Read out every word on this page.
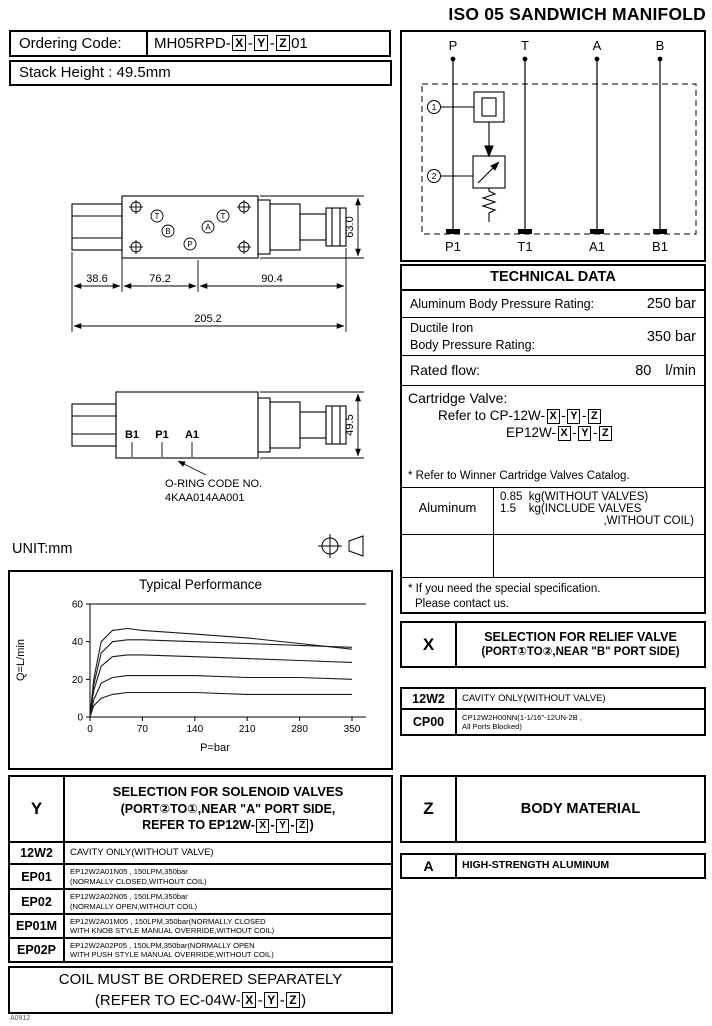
ISO 05 SANDWICH MANIFOLD
Ordering Code:	MH05RPD- X - Y - Z 01
Stack Height : 49.5mm
T	T
B	A
P
63.0
38.6	76.2	90.4
205.2
B1 P1 A1	49.5
O-RING CODE NO.
4KAA014AA001
UNIT:mm
Typical Performance
Q=L/min
P=bar
0
20
40
60
0	70	140	210	280	350
P	T	A	B
1
2
P1	T1	A1	B1
TECHNICAL DATA
Aluminum Body Pressure Rating:	250 bar
Ductile Iron
Body Pressure Rating:	350 bar
Rated flow:	80 l/min
Cartridge Valve:
Refer to CP-12W- X - Y - Z
EP12W- X - Y - Z
* Refer to Winner Cartridge Valves Catalog.
Aluminum
0.85  kg(WITHOUT VALVES)
1.5    kg(INCLUDE VALVES
,WITHOUT COIL)
* If you need the special specification.
Please contact us.
X	SELECTION FOR RELIEF VALVE
(PORT①TO②,NEAR "B" PORT SIDE)
12W2	CAVITY ONLY(WITHOUT VALVE)
CP00	CP12W2H00NN(1-1/16"-12UN-2B ,
All Ports Blocked)
Y
SELECTION FOR SOLENOID VALVES
(PORT②TO①,NEAR "A" PORT SIDE,
REFER TO EP12W- X - Y - Z )
12W2	CAVITY ONLY(WITHOUT VALVE)
EP01	EP12W2A01N05 , 150LPM,350bar
(NORMALLY CLOSED,WITHOUT COIL)
EP02	EP12W2A02N05 , 150LPM,350bar
(NORMALLY OPEN,WITHOUT COIL)
EP01M	EP12W2A01M05 , 150LPM,350bar(NORMALLY CLOSED
WITH KNOB STYLE MANUAL OVERRIDE,WITHOUT COIL)
EP02P	EP12W2A02P05 , 150LPM,350bar(NORMALLY OPEN
WITH PUSH STYLE MANUAL OVERRIDE,WITHOUT COIL)
COIL MUST BE ORDERED SEPARATELY
(REFER TO EC-04W- X - Y - Z )
Z	BODY MATERIAL
A	HIGH-STRENGTH ALUMINUM
A0912
